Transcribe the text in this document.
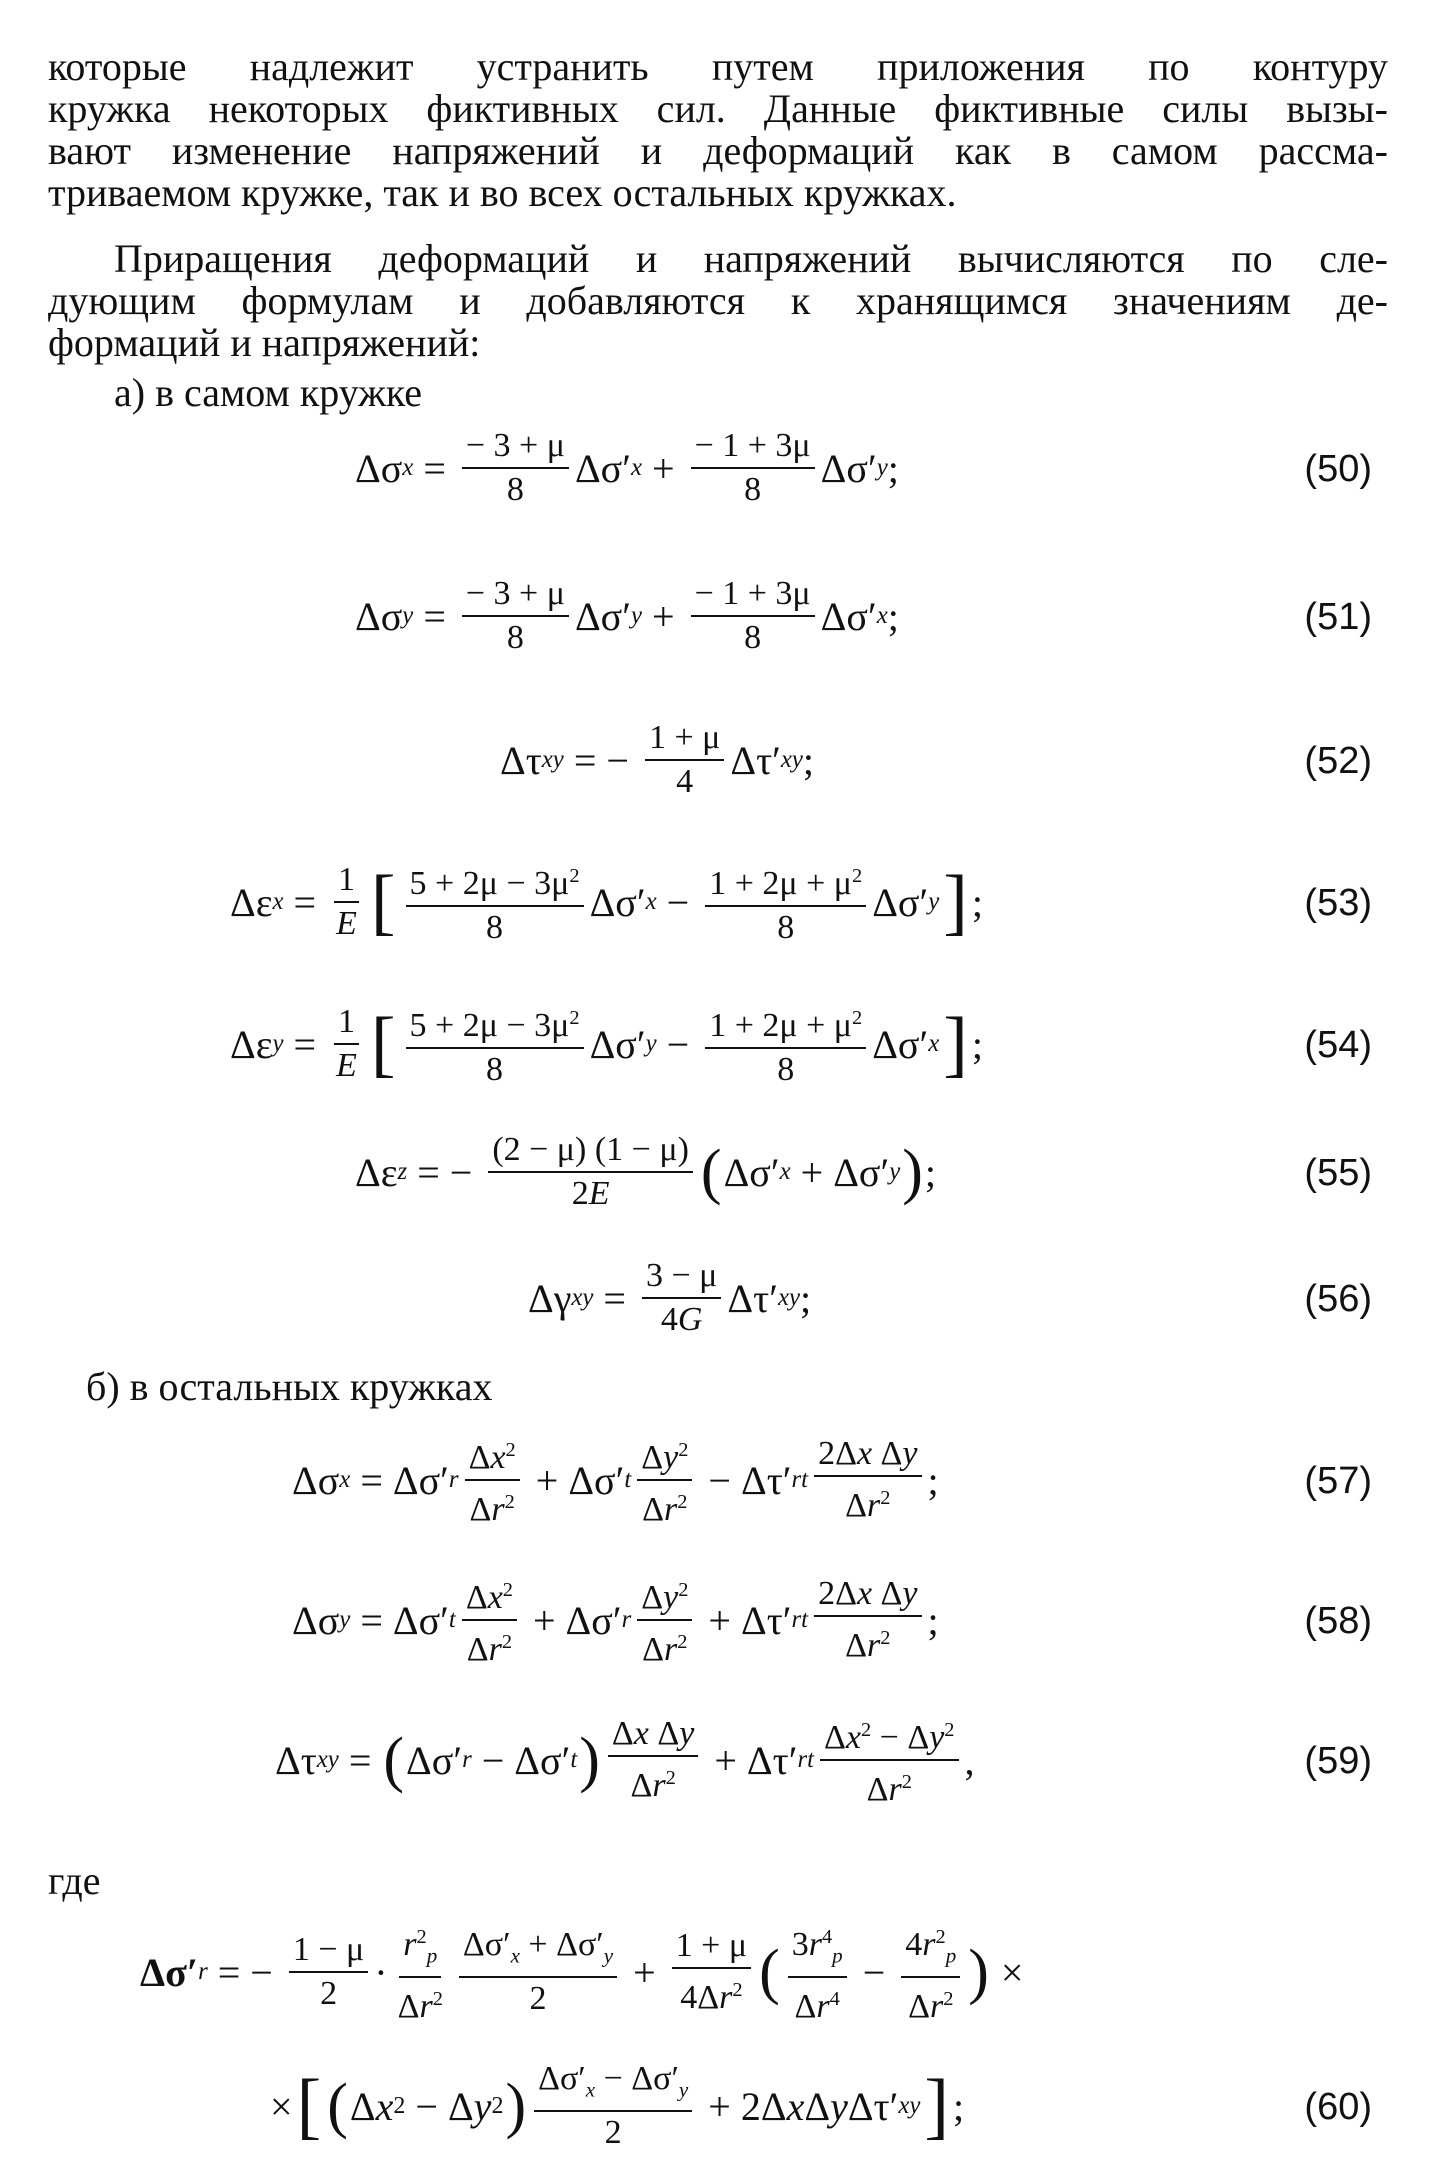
которые надлежит устранить путем приложения по контуру
кружка некоторых фиктивных сил. Данные фиктивные силы вызы-
вают изменение напряжений и деформаций как в самом рассма-
триваемом кружке, так и во всех остальных кружках.
Приращения деформаций и напряжений вычисляются по сле-
дующим формулам и добавляются к хранящимся значениям де-
формаций и напряжений:
а) в самом кружке
Δσ $x = \frac{- 3 + \mu}{8} \Delta\sigma'$ $x + \frac{- 1 + 3\mu}{8} \Delta\sigma'$ y ;	(50)
Δσ $y = \frac{- 3 + \mu}{8} \Delta\sigma'$ $y + \frac{- 1 + 3\mu}{8} \Delta\sigma'$ x ;	(51)
Δτ xy = − $\frac{1 + \mu}{4} \Delta\tau'$ xy ;	(52)
Δε $x = \frac{1}{E}$ [ $\frac{5 + 2\mu - 3\mu^2}{8} \Delta\sigma'$ $x - \frac{1 + 2\mu + \mu^2}{8} \Delta\sigma'$ y ] ;	(53)
Δε $y = \frac{1}{E}$ [ $\frac{5 + 2\mu - 3\mu^2}{8} \Delta\sigma'$ $y - \frac{1 + 2\mu + \mu^2}{8} \Delta\sigma'$ x ] ;	(54)
Δε z = − $\frac{(2 - \mu) (1 - \mu)}{2E}$ ( Δσ′ x + Δσ′ y ) ;	(55)
Δγ xy = $\frac{3 - \mu}{4G} \Delta\tau'$ xy ;	(56)
б) в остальных кружках
Δσ x = Δσ′ r $\frac{\Delta x^2}{\Delta r^2} + \Delta\sigma'$ t $\frac{\Delta y^2}{\Delta r^2} - \Delta\tau'$ rt $\frac{\text{2Δx Δy}}{\Delta r^2}$ ;	(57)
Δσ y = Δσ′ t $\frac{\Delta x^2}{\Delta r^2} + \Delta\sigma'$ r $\frac{\Delta y^2}{\Delta r^2} + \Delta\tau'$ rt $\frac{\text{2Δx Δy}}{\Delta r^2}$ ;	(58)
Δτ xy = ( Δσ′ r − Δσ′ t ) $\frac{\text{Δx Δy}}{\Delta r^2} + \Delta\tau'$ rt $\frac{\Delta x^2 - \Delta y^2}{\Delta r^2}$ ,	(59)
где
Δσ′ r = − $\frac{1 - \mu}{2} \cdot \frac{r^2_p}{\Delta r^2} \frac{\Delta\sigma'_x + \Delta\sigma'_y}{2} + \frac{1 + \mu}{4\Delta r^2}$ ( $\frac{3r^4_p}{\Delta r^4} - \frac{4r^2_p}{\Delta r^2}$ ) ×
× [ ( Δ x 2 − Δ y 2 ) $\frac{\Delta\sigma'_x - \Delta\sigma'_y}{2} + 2\Delta$ x Δ y Δτ′ xy ] ;	(60)
